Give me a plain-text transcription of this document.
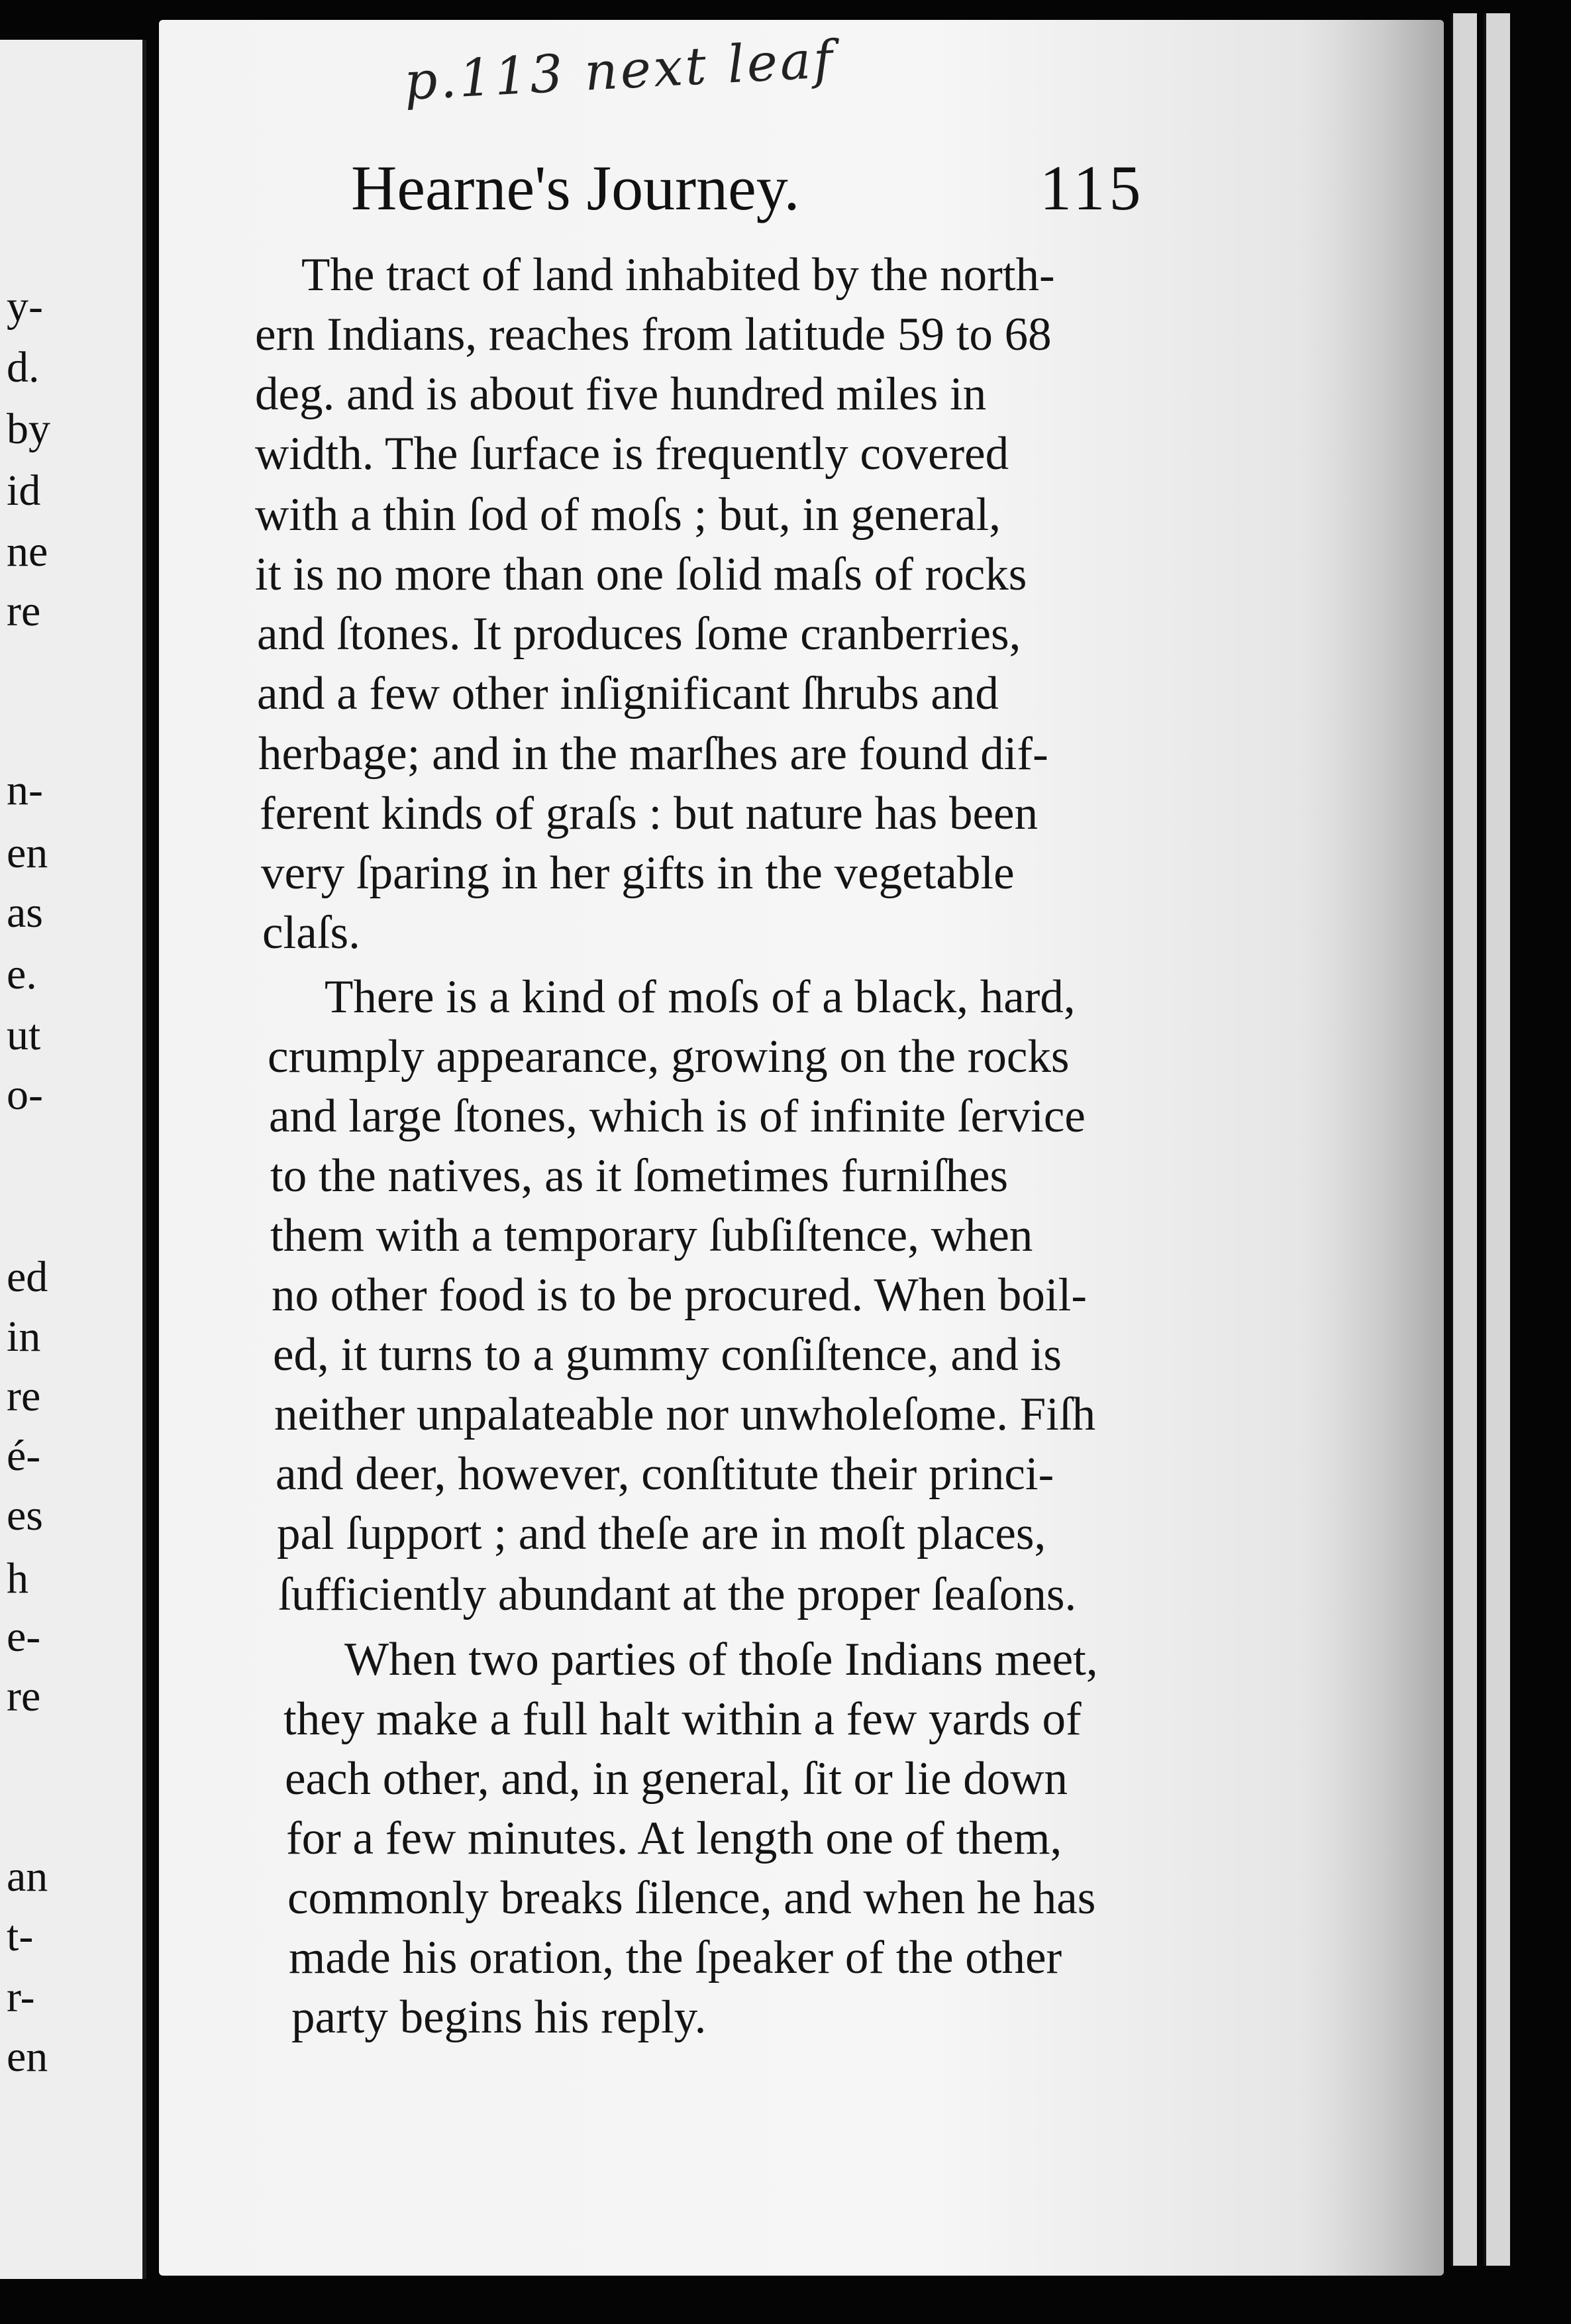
y-
d.
by
id
ne
re
n-
en
as
e.
ut
o-
ed
in
re
é-
es
h
e-
re
an
t-
r-
en
p.113 next leaf
Hearne's Journey.	115
The tract of land inhabited by the north-
ern Indians, reaches from latitude 59 to 68
deg. and is about five hundred miles in
width. The ſurface is frequently covered
with a thin ſod of moſs ; but, in general,
it is no more than one ſolid maſs of rocks
and ſtones. It produces ſome cranberries,
and a few other inſignificant ſhrubs and
herbage; and in the marſhes are found dif-
ferent kinds of graſs : but nature has been
very ſparing in her gifts in the vegetable
claſs.
There is a kind of moſs of a black, hard,
crumply appearance, growing on the rocks
and large ſtones, which is of infinite ſervice
to the natives, as it ſometimes furniſhes
them with a temporary ſubſiſtence, when
no other food is to be procured. When boil-
ed, it turns to a gummy conſiſtence, and is
neither unpalateable nor unwholeſome. Fiſh
and deer, however, conſtitute their princi-
pal ſupport ; and theſe are in moſt places,
ſufficiently abundant at the proper ſeaſons.
When two parties of thoſe Indians meet,
they make a full halt within a few yards of
each other, and, in general, ſit or lie down
for a few minutes. At length one of them,
commonly breaks ſilence, and when he has
made his oration, the ſpeaker of the other
party begins his reply.
